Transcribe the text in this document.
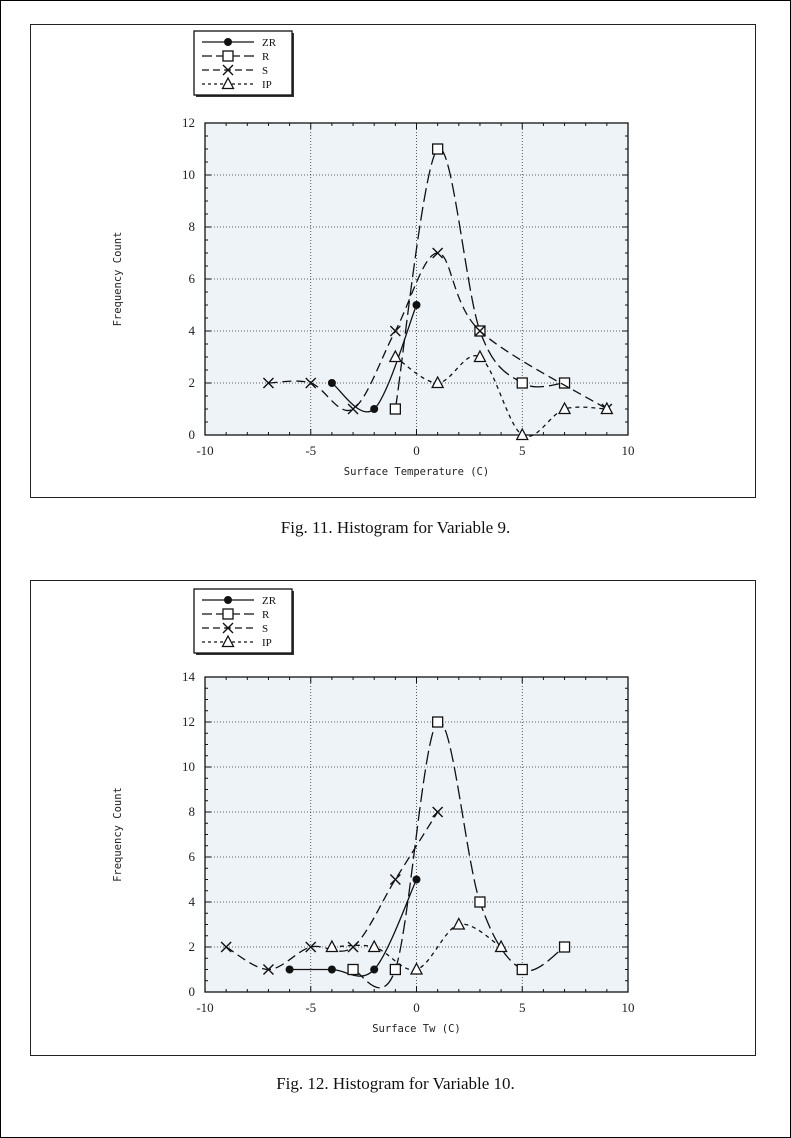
-10	-5	0	5	10
0
2
4
6
8
10
12
Surface Temperature (C)
Frequency Count
ZR
R
S
IP
Fig. 11. Histogram for Variable 9.
-10	-5	0	5	10
0
2
4
6
8
10
12
14
Surface Tw (C)
Frequency Count
ZR
R
S
IP
Fig. 12. Histogram for Variable 10.
